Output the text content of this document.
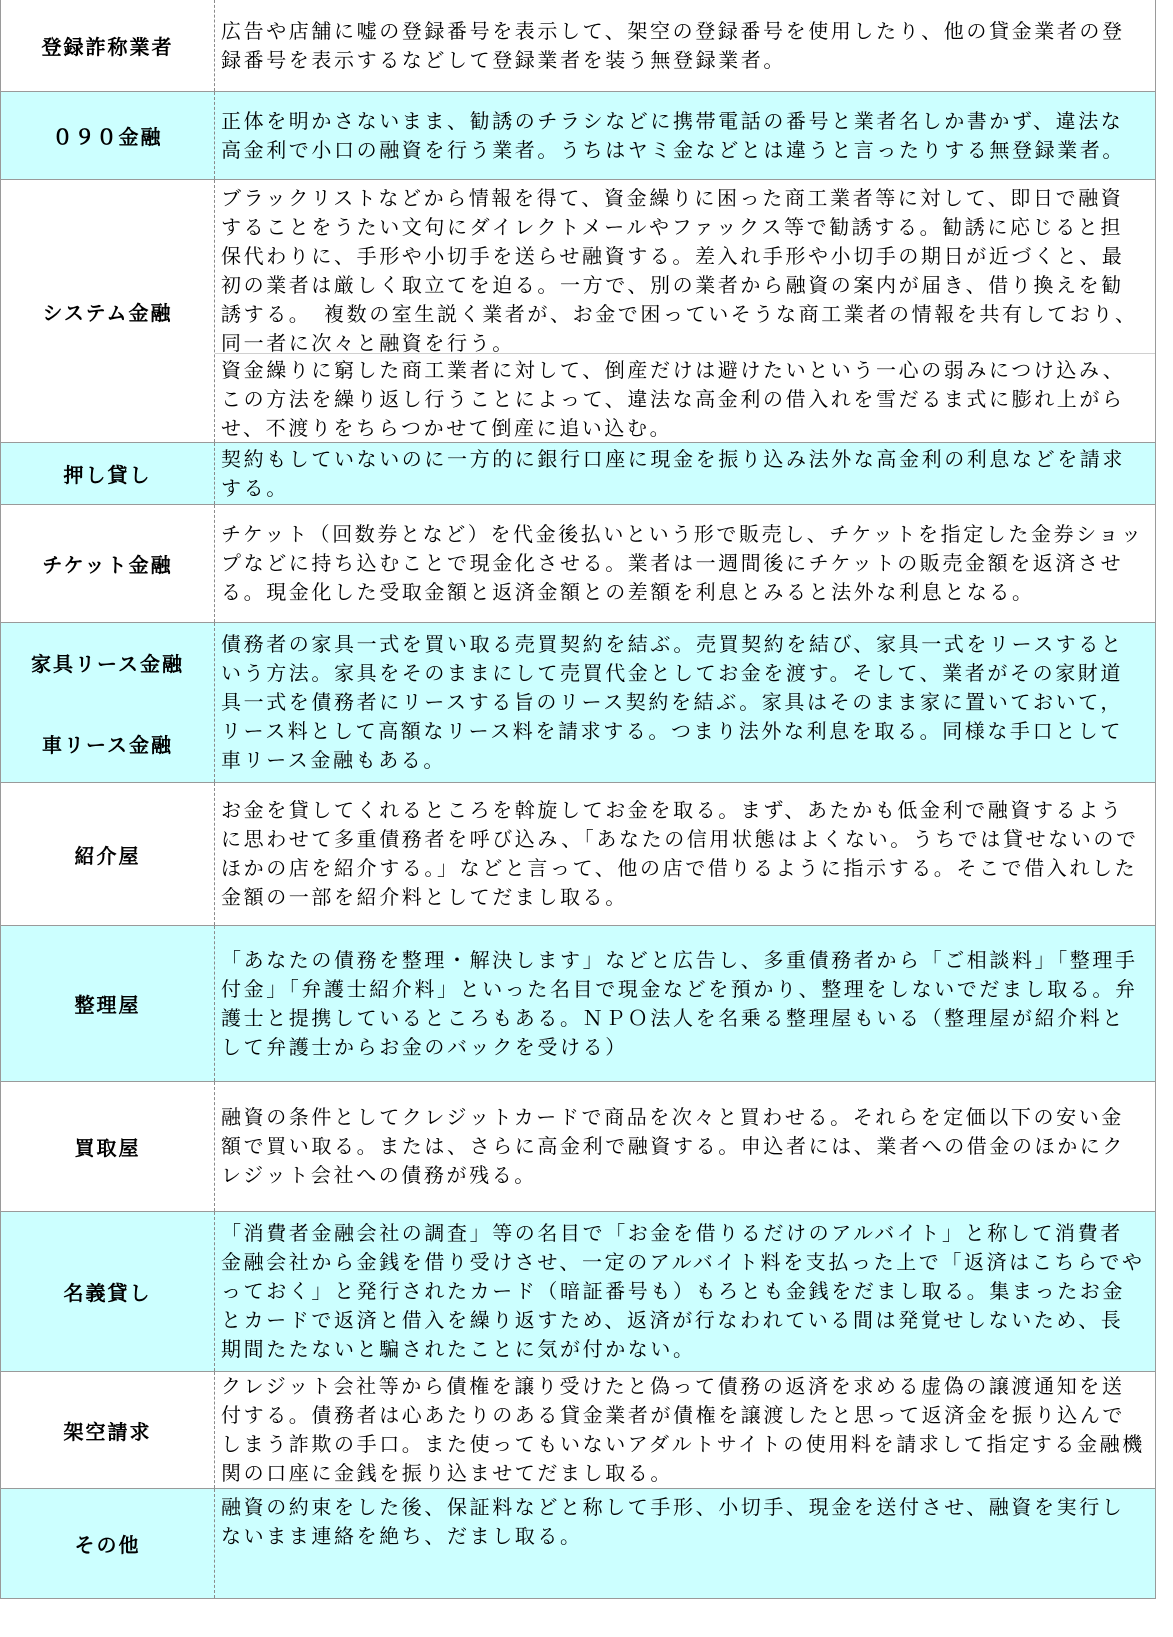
登録詐称業者

広告や店舗に嘘の登録番号を表示して、架空の登録番号を使用したり、他の貸金業者の登録番号を表示するなどして登録業者を装う無登録業者。

０９０金融

正体を明かさないまま、勧誘のチラシなどに携帯電話の番号と業者名しか書かず、違法な高金利で小口の融資を行う業者。うちはヤミ金などとは違うと言ったりする無登録業者。

システム金融

ブラックリストなどから情報を得て、資金繰りに困った商工業者等に対して、即日で融資することをうたい文句にダイレクトメールやファックス等で勧誘する。勧誘に応じると担保代わりに、手形や小切手を送らせ融資する。差入れ手形や小切手の期日が近づくと、最初の業者は厳しく取立てを迫る。一方で、別の業者から融資の案内が届き、借り換えを勧誘する。　複数の室生説く業者が、お金で困っていそうな商工業者の情報を共有しており、同一者に次々と融資を行う。

資金繰りに窮した商工業者に対して、倒産だけは避けたいという一心の弱みにつけ込み、この方法を繰り返し行うことによって、違法な高金利の借入れを雪だるま式に膨れ上がらせ、不渡りをちらつかせて倒産に追い込む。

押し貸し

契約もしていないのに一方的に銀行口座に現金を振り込み法外な高金利の利息などを請求する。

チケット金融

チケット（回数券となど）を代金後払いという形で販売し、チケットを指定した金券ショップなどに持ち込むことで現金化させる。業者は一週間後にチケットの販売金額を返済させる。現金化した受取金額と返済金額との差額を利息とみると法外な利息となる。

家具リース金融
車リース金融

債務者の家具一式を買い取る売買契約を結ぶ。売買契約を結び、家具一式をリースするという方法。家具をそのままにして売買代金としてお金を渡す。そして、業者がその家財道具一式を債務者にリースする旨のリース契約を結ぶ。家具はそのまま家に置いておいて，リース料として高額なリース料を請求する。つまり法外な利息を取る。同様な手口として車リース金融もある。

紹介屋

お金を貸してくれるところを斡旋してお金を取る。まず、あたかも低金利で融資するように思わせて多重債務者を呼び込み、「あなたの信用状態はよくない。うちでは貸せないのでほかの店を紹介する。」などと言って、他の店で借りるように指示する。そこで借入れした金額の一部を紹介料としてだまし取る。

整理屋

「あなたの債務を整理・解決します」などと広告し、多重債務者から「ご相談料」「整理手付金」「弁護士紹介料」といった名目で現金などを預かり、整理をしないでだまし取る。弁護士と提携しているところもある。ＮＰＯ法人を名乗る整理屋もいる（整理屋が紹介料として弁護士からお金のバックを受ける）

買取屋

融資の条件としてクレジットカードで商品を次々と買わせる。それらを定価以下の安い金額で買い取る。または、さらに高金利で融資する。申込者には、業者への借金のほかにクレジット会社への債務が残る。

名義貸し

「消費者金融会社の調査」等の名目で「お金を借りるだけのアルバイト」と称して消費者金融会社から金銭を借り受けさせ、一定のアルバイト料を支払った上で「返済はこちらでやっておく」と発行されたカード（暗証番号も）もろとも金銭をだまし取る。集まったお金とカードで返済と借入を繰り返すため、返済が行なわれている間は発覚せしないため、長期間たたないと騙されたことに気が付かない。

架空請求

クレジット会社等から債権を譲り受けたと偽って債務の返済を求める虚偽の譲渡通知を送付する。債務者は心あたりのある貸金業者が債権を譲渡したと思って返済金を振り込んでしまう詐欺の手口。また使ってもいないアダルトサイトの使用料を請求して指定する金融機関の口座に金銭を振り込ませてだまし取る。

その他

融資の約束をした後、保証料などと称して手形、小切手、現金を送付させ、融資を実行しないまま連絡を絶ち、だまし取る。
